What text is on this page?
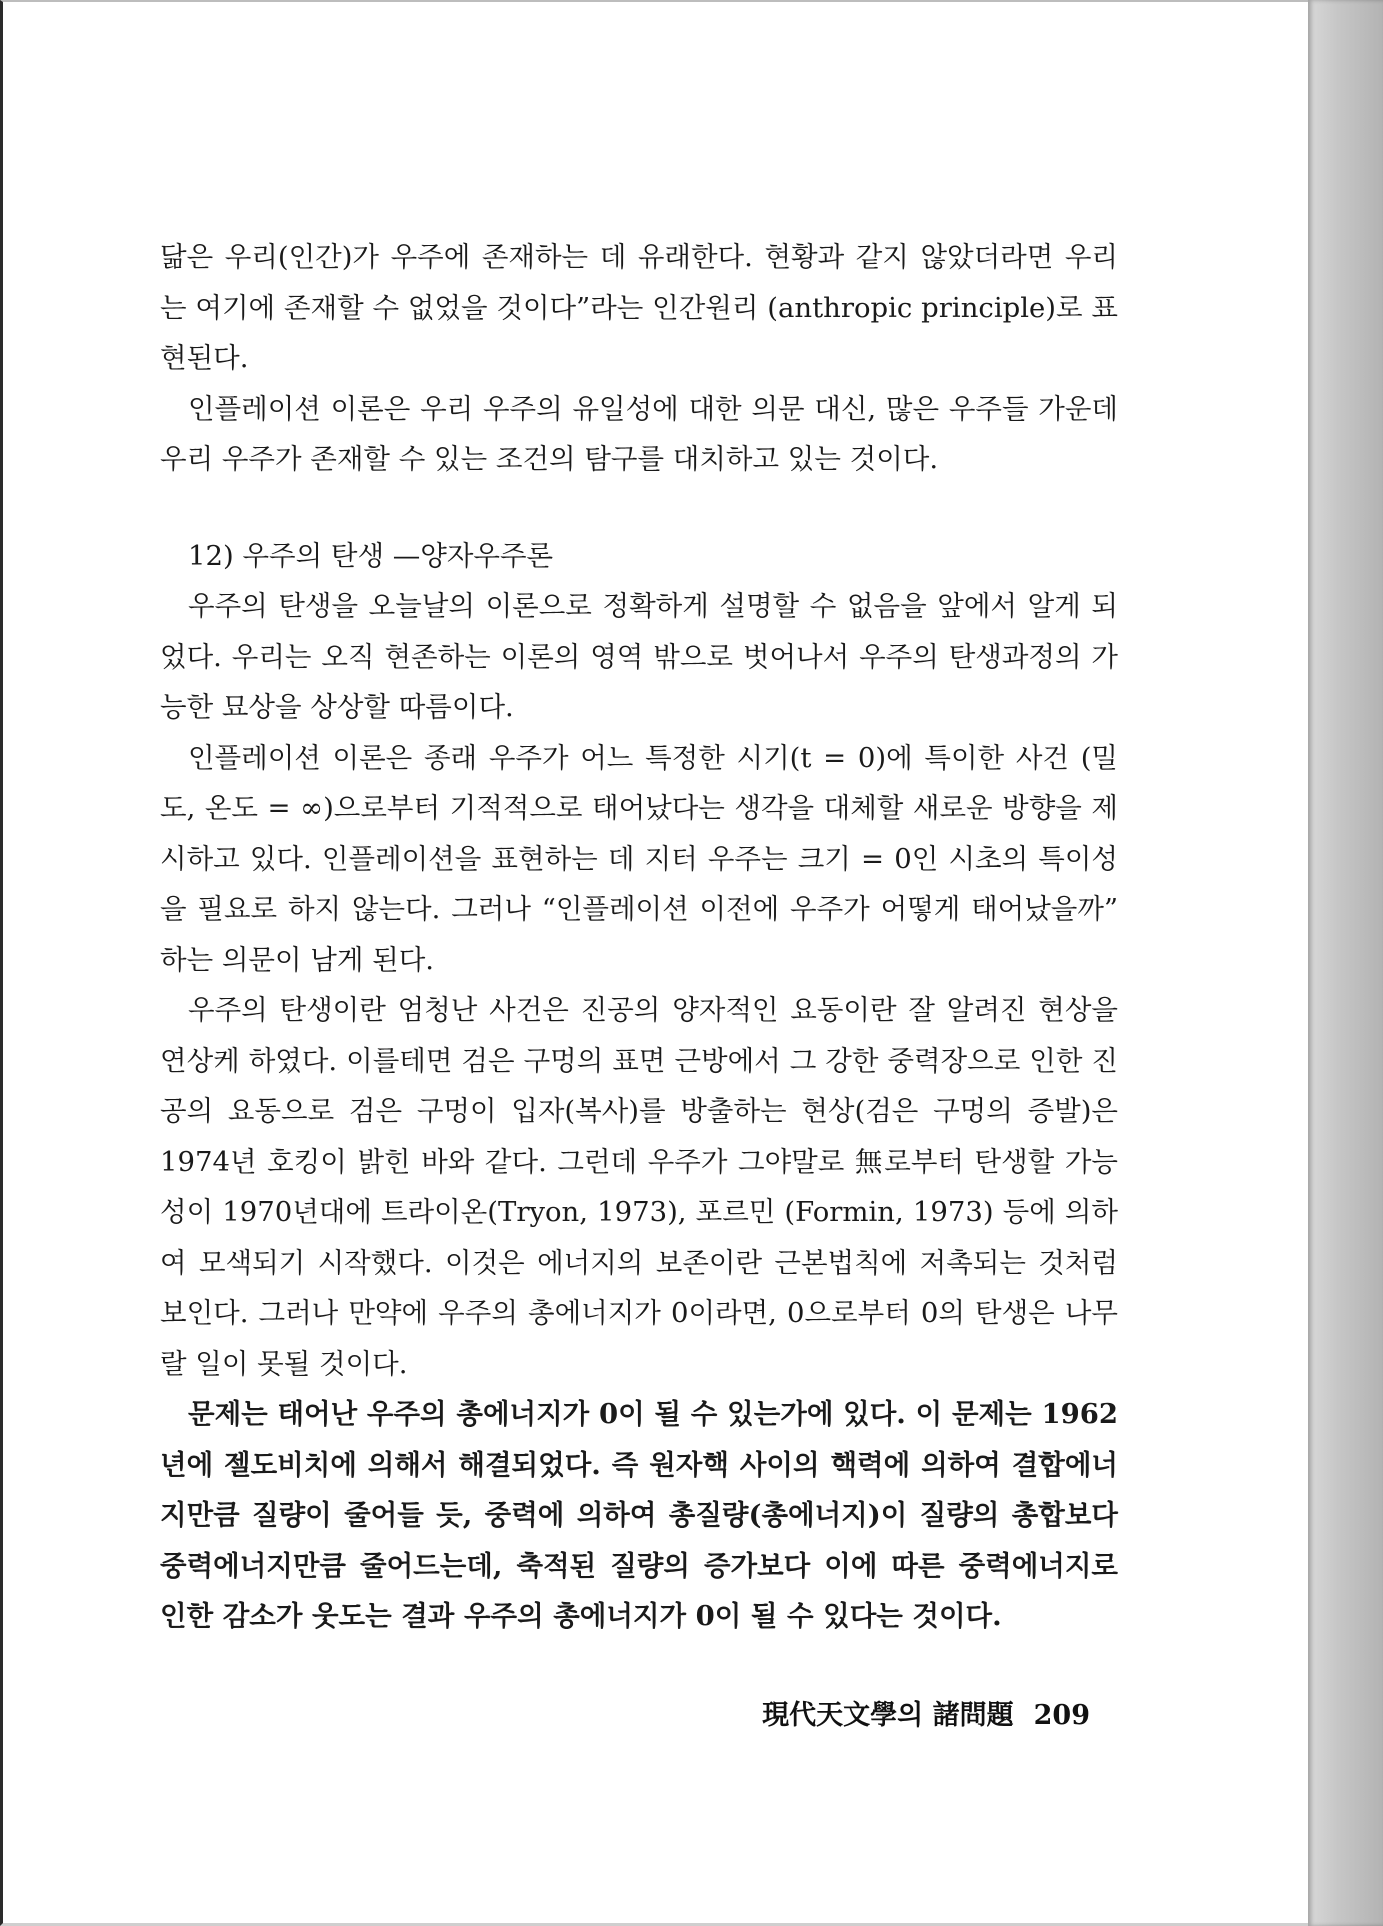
닮은 우리(인간)가 우주에 존재하는 데 유래한다. 현황과 같지 않았더라면 우리는 여기에 존재할 수 없었을 것이다”라는 인간원리 (anthropic principle)로 표현된다.

인플레이션 이론은 우리 우주의 유일성에 대한 의문 대신, 많은 우주들 가운데 우리 우주가 존재할 수 있는 조건의 탐구를 대치하고 있는 것이다.

12) 우주의 탄생 —양자우주론

우주의 탄생을 오늘날의 이론으로 정확하게 설명할 수 없음을 앞에서 알게 되었다. 우리는 오직 현존하는 이론의 영역 밖으로 벗어나서 우주의 탄생과정의 가능한 묘상을 상상할 따름이다.

인플레이션 이론은 종래 우주가 어느 특정한 시기(t = 0)에 특이한 사건 (밀도, 온도 = ∞)으로부터 기적적으로 태어났다는 생각을 대체할 새로운 방향을 제시하고 있다. 인플레이션을 표현하는 데 지터 우주는 크기 = 0인 시초의 특이성을 필요로 하지 않는다. 그러나 “인플레이션 이전에 우주가 어떻게 태어났을까” 하는 의문이 남게 된다.

우주의 탄생이란 엄청난 사건은 진공의 양자적인 요동이란 잘 알려진 현상을 연상케 하였다. 이를테면 검은 구멍의 표면 근방에서 그 강한 중력장으로 인한 진공의 요동으로 검은 구멍이 입자(복사)를 방출하는 현상(검은 구멍의 증발)은 1974년 호킹이 밝힌 바와 같다. 그런데 우주가 그야말로 無로부터 탄생할 가능성이 1970년대에 트라이온(Tryon, 1973), 포르민 (Formin, 1973) 등에 의하여 모색되기 시작했다. 이것은 에너지의 보존이란 근본법칙에 저촉되는 것처럼 보인다. 그러나 만약에 우주의 총에너지가 0이라면, 0으로부터 0의 탄생은 나무랄 일이 못될 것이다.

문제는 태어난 우주의 총에너지가 0이 될 수 있는가에 있다. 이 문제는 1962년에 젤도비치에 의해서 해결되었다. 즉 원자핵 사이의 핵력에 의하여 결합에너지만큼 질량이 줄어들 듯, 중력에 의하여 총질량(총에너지)이 질량의 총합보다 중력에너지만큼 줄어드는데, 축적된 질량의 증가보다 이에 따른 중력에너지로 인한 감소가 웃도는 결과 우주의 총에너지가 0이 될 수 있다는 것이다.

現代天文學의 諸問題 209
